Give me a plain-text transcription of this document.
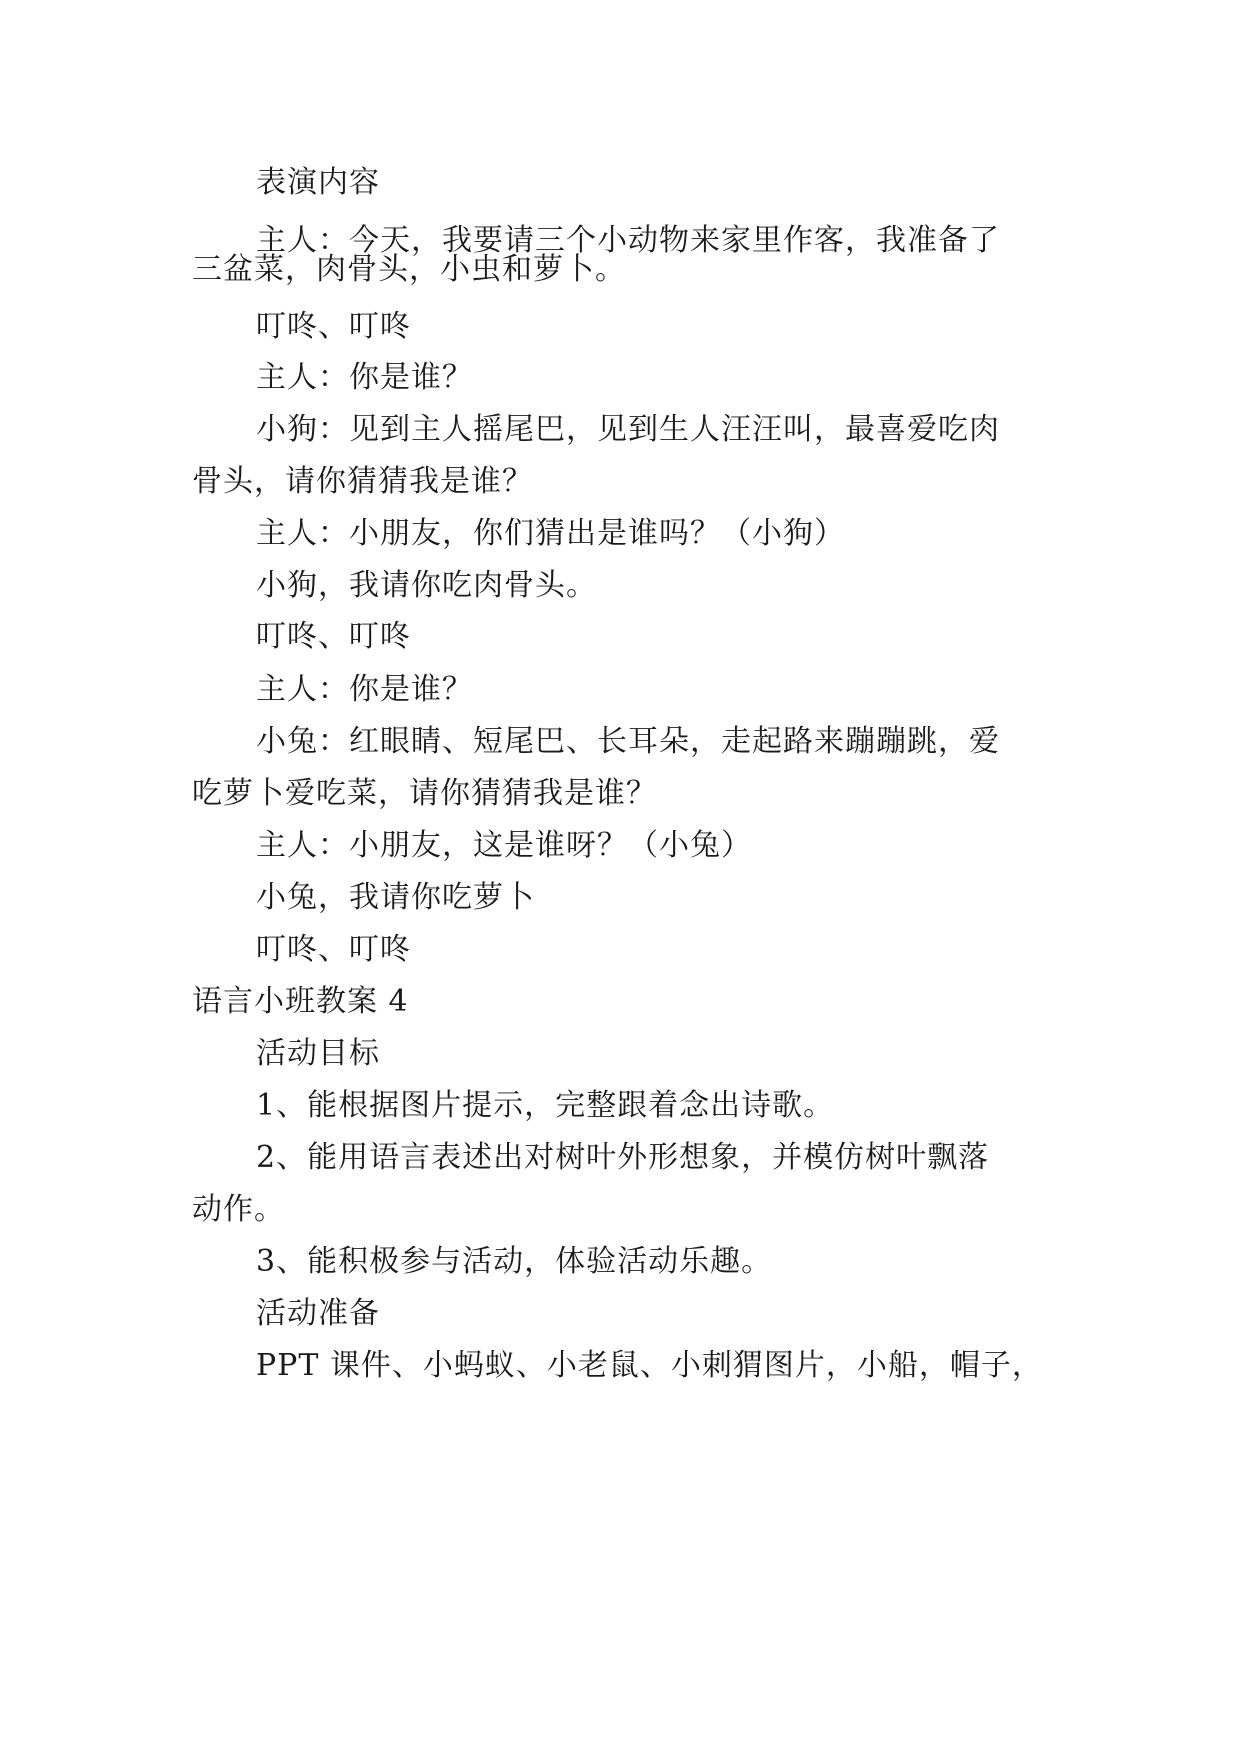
表演内容
主人：今天，我要请三个小动物来家里作客，我准备了
三盆菜，肉骨头，小虫和萝卜。
叮咚、叮咚
主人：你是谁？
小狗：见到主人摇尾巴，见到生人汪汪叫，最喜爱吃肉
骨头，请你猜猜我是谁？
主人：小朋友，你们猜出是谁吗？（小狗）
小狗，我请你吃肉骨头。
叮咚、叮咚
主人：你是谁？
小兔：红眼睛、短尾巴、长耳朵，走起路来蹦蹦跳，爱
吃萝卜爱吃菜，请你猜猜我是谁？
主人：小朋友，这是谁呀？（小兔）
小兔，我请你吃萝卜
叮咚、叮咚
语言小班教案 4
活动目标
1、能根据图片提示，完整跟着念出诗歌。
2、能用语言表述出对树叶外形想象，并模仿树叶飘落
动作。
3、能积极参与活动，体验活动乐趣。
活动准备
PPT 课件、小蚂蚁、小老鼠、小刺猬图片，小船，帽子，
